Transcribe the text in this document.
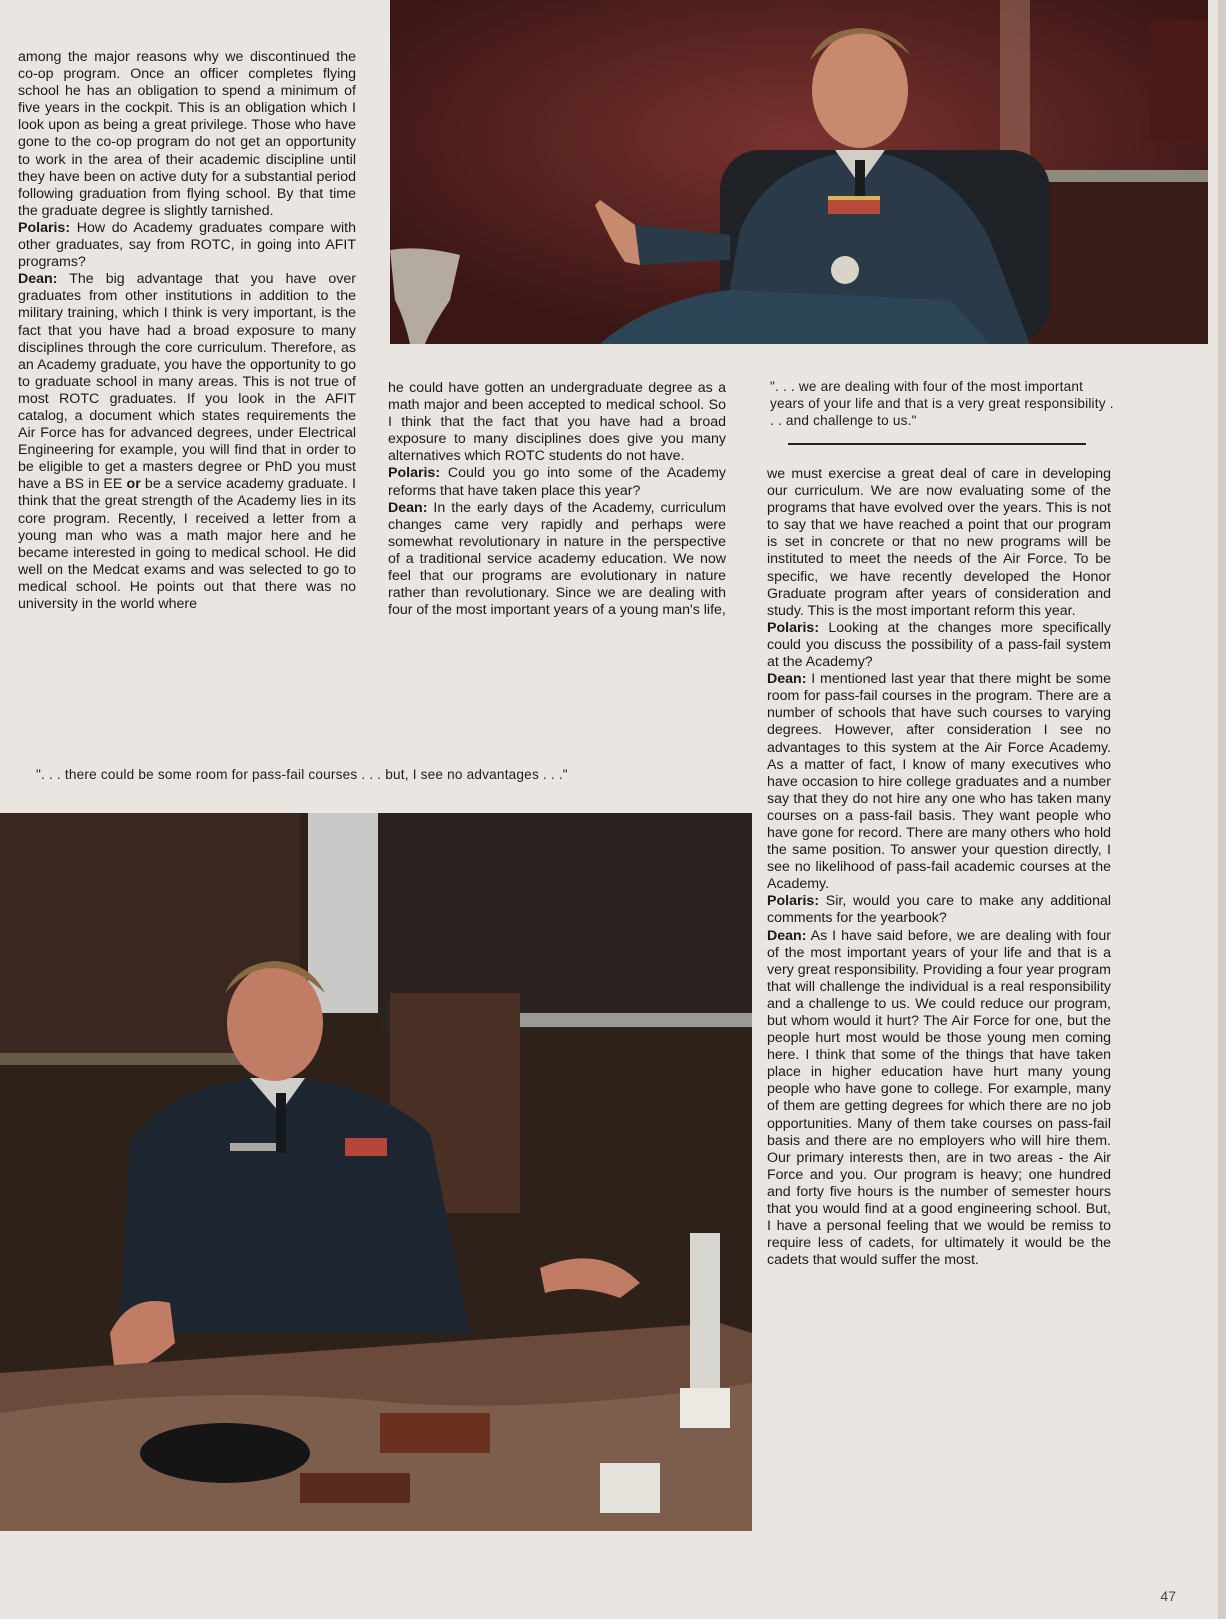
among the major reasons why we discontinued the co-op program. Once an officer completes flying school he has an obligation to spend a minimum of five years in the cockpit. This is an obligation which I look upon as being a great privilege. Those who have gone to the co-op program do not get an opportunity to work in the area of their academic discipline until they have been on active duty for a substantial period following graduation from flying school. By that time the graduate degree is slightly tarnished.
Polaris: How do Academy graduates compare with other graduates, say from ROTC, in going into AFIT programs?
Dean: The big advantage that you have over graduates from other institutions in addition to the military training, which I think is very important, is the fact that you have had a broad exposure to many disciplines through the core curriculum. Therefore, as an Academy graduate, you have the opportunity to go to graduate school in many areas. This is not true of most ROTC graduates. If you look in the AFIT catalog, a document which states requirements the Air Force has for advanced degrees, under Electrical Engineering for example, you will find that in order to be eligible to get a masters degree or PhD you must have a BS in EE or be a service academy graduate. I think that the great strength of the Academy lies in its core program. Recently, I received a letter from a young man who was a math major here and he became interested in going to medical school. He did well on the Medcat exams and was selected to go to medical school. He points out that there was no university in the world where

he could have gotten an undergraduate degree as a math major and been accepted to medical school. So I think that the fact that you have had a broad exposure to many disciplines does give you many alternatives which ROTC students do not have.
Polaris: Could you go into some of the Academy reforms that have taken place this year?
Dean: In the early days of the Academy, curriculum changes came very rapidly and perhaps were somewhat revolutionary in nature in the perspective of a traditional service academy education. We now feel that our programs are evolutionary in nature rather than revolutionary. Since we are dealing with four of the most important years of a young man's life,

". . . we are dealing with four of the most important years of your life and that is a very great responsibility . . . and challenge to us."

we must exercise a great deal of care in developing our curriculum. We are now evaluating some of the programs that have evolved over the years. This is not to say that we have reached a point that our program is set in concrete or that no new programs will be instituted to meet the needs of the Air Force. To be specific, we have recently developed the Honor Graduate program after years of consideration and study. This is the most important reform this year.
Polaris: Looking at the changes more specifically could you discuss the possibility of a pass-fail system at the Academy?
Dean: I mentioned last year that there might be some room for pass-fail courses in the program. There are a number of schools that have such courses to varying degrees. However, after consideration I see no advantages to this system at the Air Force Academy. As a matter of fact, I know of many executives who have occasion to hire college graduates and a number say that they do not hire any one who has taken many courses on a pass-fail basis. They want people who have gone for record. There are many others who hold the same position. To answer your question directly, I see no likelihood of pass-fail academic courses at the Academy.
Polaris: Sir, would you care to make any additional comments for the yearbook?
Dean: As I have said before, we are dealing with four of the most important years of your life and that is a very great responsibility. Providing a four year program that will challenge the individual is a real responsibility and a challenge to us. We could reduce our program, but whom would it hurt? The Air Force for one, but the people hurt most would be those young men coming here. I think that some of the things that have taken place in higher education have hurt many young people who have gone to college. For example, many of them are getting degrees for which there are no job opportunities. Many of them take courses on pass-fail basis and there are no employers who will hire them. Our primary interests then, are in two areas - the Air Force and you. Our program is heavy; one hundred and forty five hours is the number of semester hours that you would find at a good engineering school. But, I have a personal feeling that we would be remiss to require less of cadets, for ultimately it would be the cadets that would suffer the most.

". . . there could be some room for pass-fail courses . . . but, I see no advantages . . ."
47
